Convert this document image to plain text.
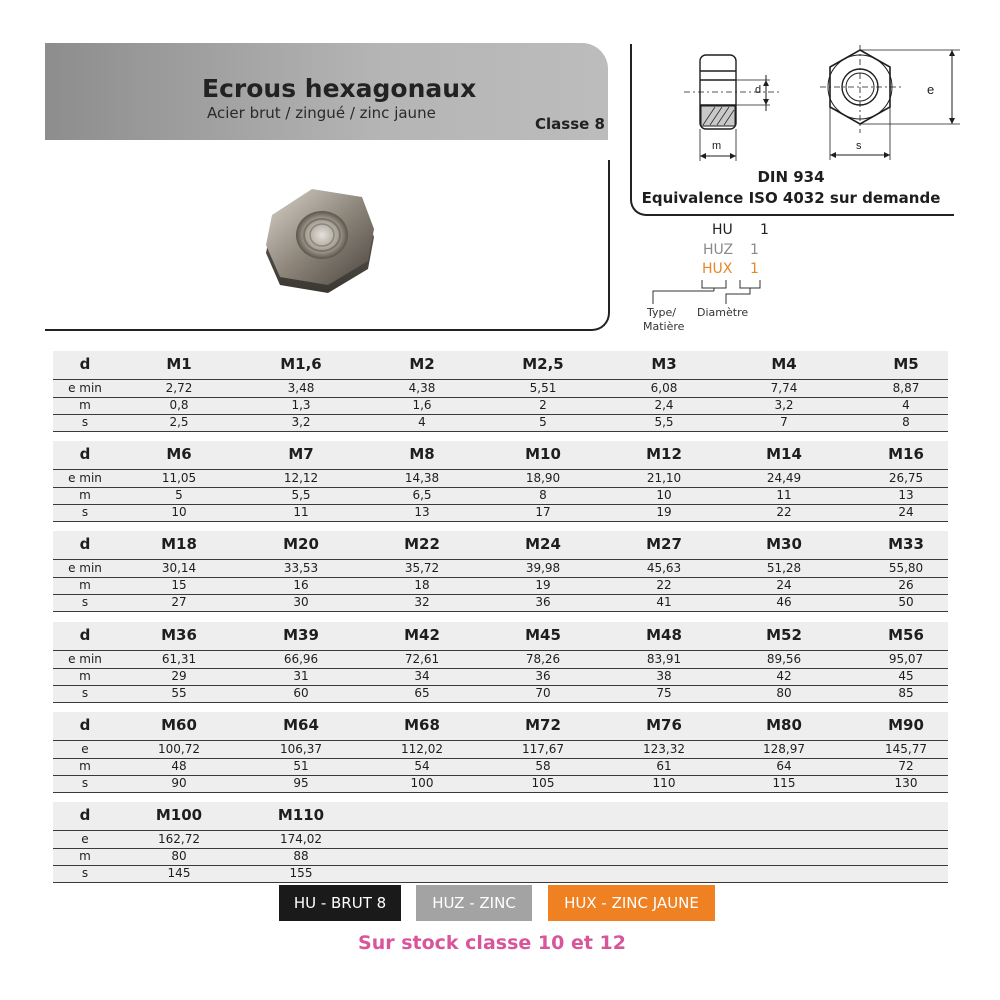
Ecrous hexagonaux
Acier brut / zingué / zinc jaune
Classe 8
d
m
e
s
DIN 934
Equivalence ISO 4032 sur demande
HU 1
HUZ 1
HUX 1
Type/
Matière
Diamètre
d	M1	M1,6	M2	M2,5	M3	M4	M5
e min	2,72	3,48	4,38	5,51	6,08	7,74	8,87
m	0,8	1,3	1,6	2	2,4	3,2	4
s	2,5	3,2	4	5	5,5	7	8
d	M6	M7	M8	M10	M12	M14	M16
e min	11,05	12,12	14,38	18,90	21,10	24,49	26,75
m	5	5,5	6,5	8	10	11	13
s	10	11	13	17	19	22	24
d	M18	M20	M22	M24	M27	M30	M33
e min	30,14	33,53	35,72	39,98	45,63	51,28	55,80
m	15	16	18	19	22	24	26
s	27	30	32	36	41	46	50
d	M36	M39	M42	M45	M48	M52	M56
e min	61,31	66,96	72,61	78,26	83,91	89,56	95,07
m	29	31	34	36	38	42	45
s	55	60	65	70	75	80	85
d	M60	M64	M68	M72	M76	M80	M90
e	100,72	106,37	112,02	117,67	123,32	128,97	145,77
m	48	51	54	58	61	64	72
s	90	95	100	105	110	115	130
d	M100	M110
e	162,72	174,02
m	80	88
s	145	155
HU - BRUT 8	HUZ - ZINC	HUX - ZINC JAUNE
Sur stock classe 10 et 12
